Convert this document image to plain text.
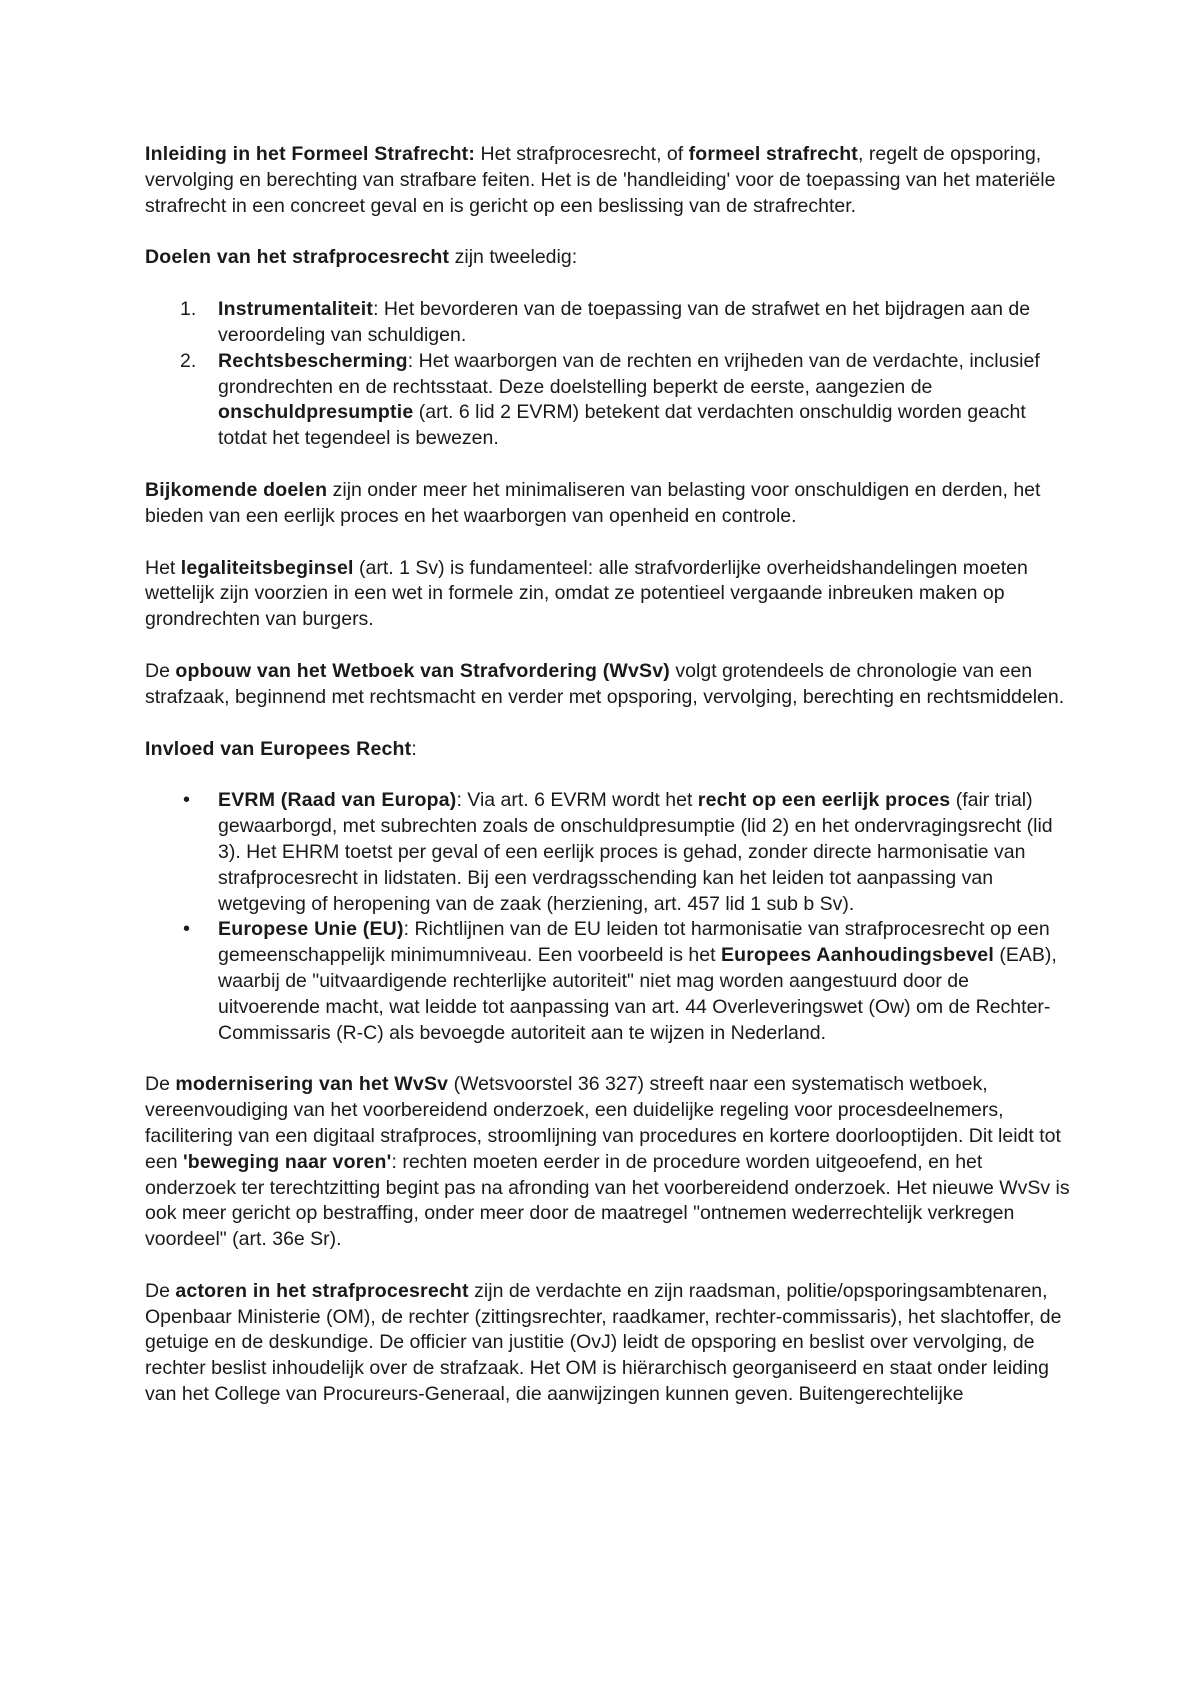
Inleiding in het Formeel Strafrecht: Het strafprocesrecht, of formeel strafrecht, regelt de opsporing, vervolging en berechting van strafbare feiten. Het is de 'handleiding' voor de toepassing van het materiële strafrecht in een concreet geval en is gericht op een beslissing van de strafrechter.

Doelen van het strafprocesrecht zijn tweeledig:

1. Instrumentaliteit: Het bevorderen van de toepassing van de strafwet en het bijdragen aan de veroordeling van schuldigen.
2. Rechtsbescherming: Het waarborgen van de rechten en vrijheden van de verdachte, inclusief grondrechten en de rechtsstaat. Deze doelstelling beperkt de eerste, aangezien de onschuldpresumptie (art. 6 lid 2 EVRM) betekent dat verdachten onschuldig worden geacht totdat het tegendeel is bewezen.

Bijkomende doelen zijn onder meer het minimaliseren van belasting voor onschuldigen en derden, het bieden van een eerlijk proces en het waarborgen van openheid en controle.

Het legaliteitsbeginsel (art. 1 Sv) is fundamenteel: alle strafvorderlijke overheidshandelingen moeten wettelijk zijn voorzien in een wet in formele zin, omdat ze potentieel vergaande inbreuken maken op grondrechten van burgers.

De opbouw van het Wetboek van Strafvordering (WvSv) volgt grotendeels de chronologie van een strafzaak, beginnend met rechtsmacht en verder met opsporing, vervolging, berechting en rechtsmiddelen.

Invloed van Europees Recht:

• EVRM (Raad van Europa): Via art. 6 EVRM wordt het recht op een eerlijk proces (fair trial) gewaarborgd, met subrechten zoals de onschuldpresumptie (lid 2) en het ondervragingsrecht (lid 3). Het EHRM toetst per geval of een eerlijk proces is gehad, zonder directe harmonisatie van strafprocesrecht in lidstaten. Bij een verdragsschending kan het leiden tot aanpassing van wetgeving of heropening van de zaak (herziening, art. 457 lid 1 sub b Sv).
• Europese Unie (EU): Richtlijnen van de EU leiden tot harmonisatie van strafprocesrecht op een gemeenschappelijk minimumniveau. Een voorbeeld is het Europees Aanhoudingsbevel (EAB), waarbij de "uitvaardigende rechterlijke autoriteit" niet mag worden aangestuurd door de uitvoerende macht, wat leidde tot aanpassing van art. 44 Overleveringswet (Ow) om de Rechter-Commissaris (R-C) als bevoegde autoriteit aan te wijzen in Nederland.

De modernisering van het WvSv (Wetsvoorstel 36 327) streeft naar een systematisch wetboek, vereenvoudiging van het voorbereidend onderzoek, een duidelijke regeling voor procesdeelnemers, facilitering van een digitaal strafproces, stroomlijning van procedures en kortere doorlooptijden. Dit leidt tot een 'beweging naar voren': rechten moeten eerder in de procedure worden uitgeoefend, en het onderzoek ter terechtzitting begint pas na afronding van het voorbereidend onderzoek. Het nieuwe WvSv is ook meer gericht op bestraffing, onder meer door de maatregel "ontnemen wederrechtelijk verkregen voordeel" (art. 36e Sr).

De actoren in het strafprocesrecht zijn de verdachte en zijn raadsman, politie/opsporingsambtenaren, Openbaar Ministerie (OM), de rechter (zittingsrechter, raadkamer, rechter-commissaris), het slachtoffer, de getuige en de deskundige. De officier van justitie (OvJ) leidt de opsporing en beslist over vervolging, de rechter beslist inhoudelijk over de strafzaak. Het OM is hiërarchisch georganiseerd en staat onder leiding van het College van Procureurs-Generaal, die aanwijzingen kunnen geven. Buitengerechtelijke
